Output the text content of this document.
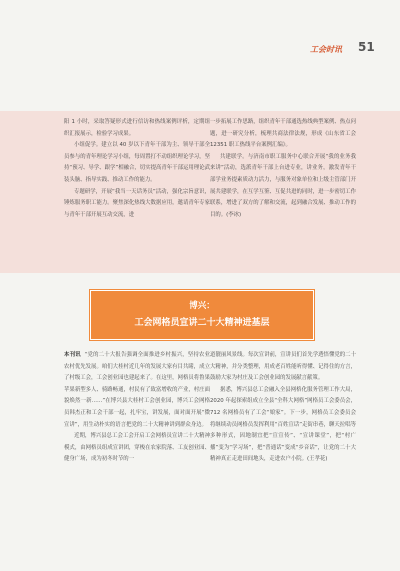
工会时讯 51

阳 1 小时，采取答疑形式进行信访和热线案例评析，定期组织汇报展示，检验学习成果。

小组促学。建立以 40 岁以下青年干部为主、领导干部全员参与的青年理论学习小组，每周置打不动组织理论学习，坚持“预习、导学、跟学”相融合，切实提高青年干部运用理论武装头脑、指导实践、推动工作的能力。

专题研学，开展“我当一天话务员”活动，强化宗旨意识，锤炼服务职工能力。聚焦深化热线大数据应用，邀请青年专家与青年干部开展互动交流，进

一步拓展工作思路，组织青年干部通选热线典型案例、热点问题，进一研究分析，梳理共商法律法规，形成《山东省工会 12351 职工热线平台案例汇编》。

共建联学。与济南市职工服务中心联合开展“我的业务我来讲”活动，选派青年干部上台进专业，讲业务，激发青年干部学业务提素质动力活力，与服务对象单位和上级主管部门开展共建联学，在互学互鉴、互促共进的同时，进一步密切工作联系，增进了双方的了解和交流，起到融合发展、推动工作的目的。(李冰)

博兴：
工会网格员宣讲二十大精神进基层

本刊讯 “党的二十大报告强调全面推进乡村振兴，坚持农业农村优先发展。咱们大桂村近几年的发展大家有目共睹，成立了村级工会，工会创业园也建起来了。在这里，网格员将鲁果苹果新型多人、骑路畅通，村民有了致富增收的产业，村庄面貌焕然一新……”在博兴县大桂村工会创业园，博兴工会网格员韩杰正和工会干部一起，扎牢宝，讲发展，面对面开展“微宣讲”，用生动朴实的语言把党的二十大精神讲到群众身边。

近期，博兴县总工会工会开启工会网格员宣讲二十大精神模式，由网格员组成宣讲团，穿梭在农家院落、工友创业园、健身广场，成为初冬时节的一

道靓丽风景线。每次宣讲前，宣讲员们首先学透悟懂党的二十大精神，并分类整理，用成老百姓能听得懂、记得住的方言，鼓励大家为村庄及工会创业园的发展献言献策。

据悉，博兴县总工会融入全县网格化服务管理工作大局，2020 年起探索组成立全县“全科大网格”网格员工会委员会，712 名网格员有了工会“娘家”。下一步，网格员工会委员会将继续动员网格员发挥利用“百姓宣话”走街串巷，聊天拉唱等多种形式，因地制宜把“宣宣传”、“宣讲课堂”，把“村广播”变为“学习场”，把“普通话”变成“乡音话”，让党的二十大精神真正走进田间地头，走进农户小院。(王孝花)
